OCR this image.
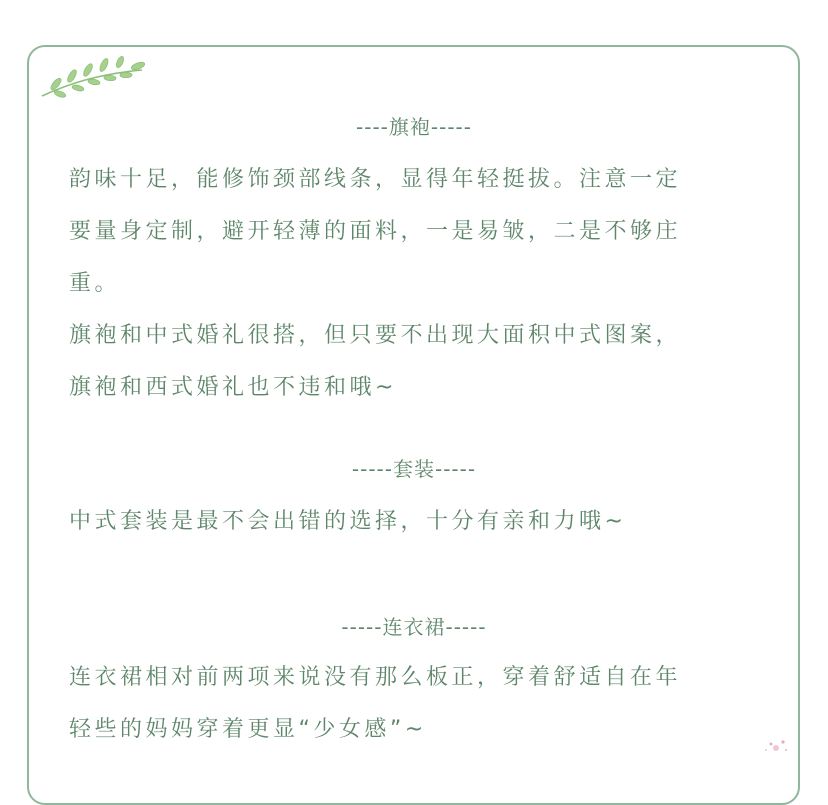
----旗袍-----
韵味十足，能修饰颈部线条，显得年轻挺拔。注意一定
要量身定制，避开轻薄的面料，一是易皱，二是不够庄
重。
旗袍和中式婚礼很搭，但只要不出现大面积中式图案，
旗袍和西式婚礼也不违和哦~
-----套装-----
中式套装是最不会出错的选择，十分有亲和力哦~
-----连衣裙-----
连衣裙相对前两项来说没有那么板正，穿着舒适自在年
轻些的妈妈穿着更显“少女感”~
